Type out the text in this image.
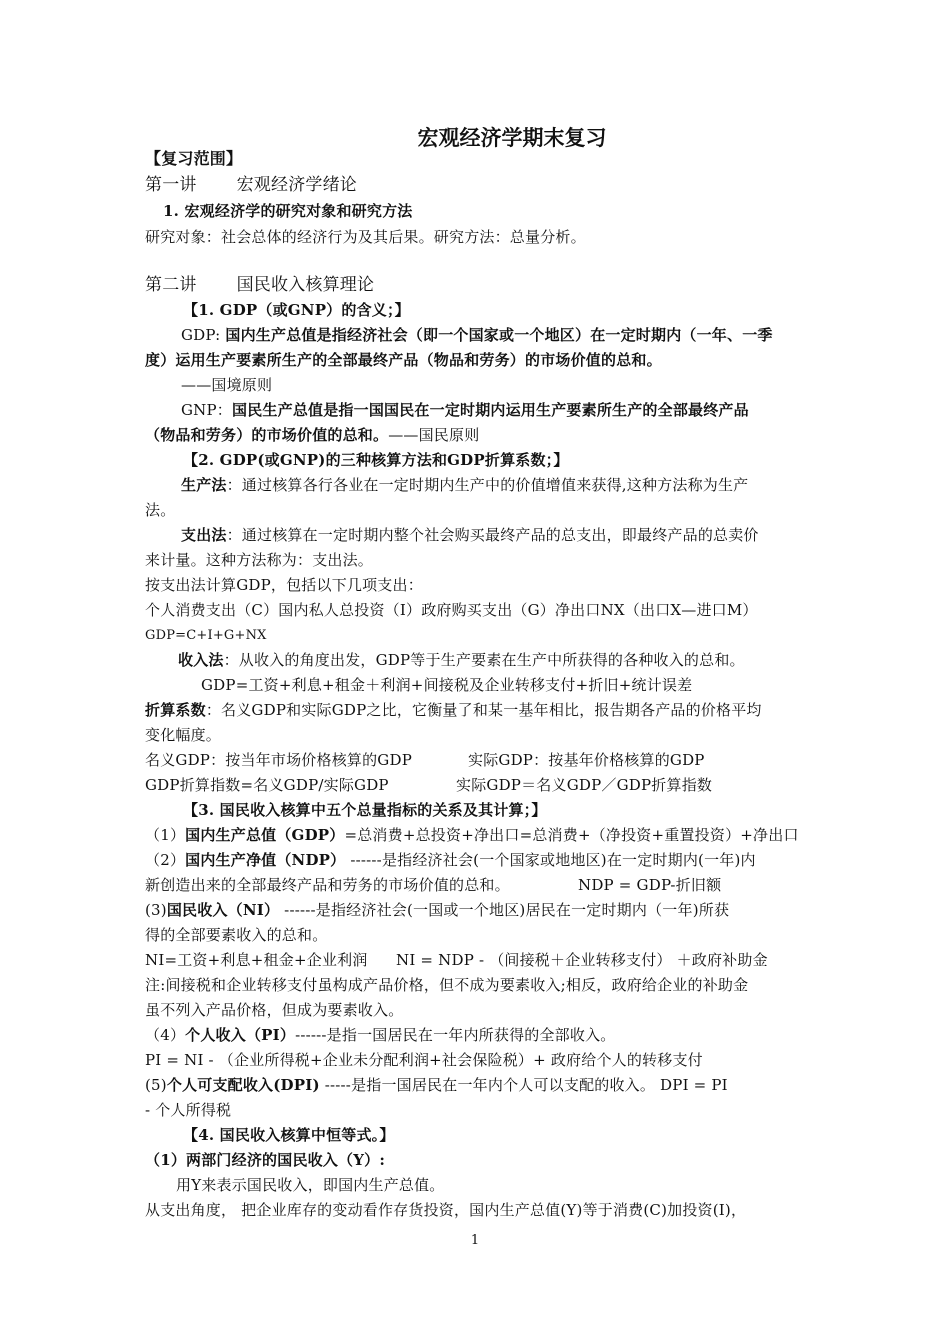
宏观经济学期末复习
【复习范围】
第一讲 宏观经济学绪论
1. 宏观经济学的研究对象和研究方法
研究对象：社会总体的经济行为及其后果。研究方法：总量分析。
第二讲 国民收入核算理论
【1. GDP（或GNP）的含义；】
GDP: 国内生产总值是指经济社会（即一个国家或一个地区）在一定时期内（一年、一季
度）运用生产要素所生产的全部最终产品（物品和劳务）的市场价值的总和。
——国境原则
GNP：国民生产总值是指一国国民在一定时期内运用生产要素所生产的全部最终产品
（物品和劳务）的市场价值的总和。——国民原则
【2. GDP(或GNP)的三种核算方法和GDP折算系数；】
生产法：通过核算各行各业在一定时期内生产中的价值增值来获得,这种方法称为生产
法。
支出法：通过核算在一定时期内整个社会购买最终产品的总支出，即最终产品的总卖价
来计量。这种方法称为：支出法。
按支出法计算GDP，包括以下几项支出：
个人消费支出（C）国内私人总投资（I）政府购买支出（G）净出口NX（出口X—进口M）
GDP=C+I+G+NX
收入法：从收入的角度出发，GDP等于生产要素在生产中所获得的各种收入的总和。
GDP=工资+利息+租金＋利润+间接税及企业转移支付+折旧+统计误差
折算系数：名义GDP和实际GDP之比，它衡量了和某一基年相比，报告期各产品的价格平均
变化幅度。
名义GDP：按当年市场价格核算的GDP	实际GDP：按基年价格核算的GDP
GDP折算指数=名义GDP/实际GDP	实际GDP＝名义GDP／GDP折算指数
【3. 国民收入核算中五个总量指标的关系及其计算；】
（1）国内生产总值（GDP）=总消费+总投资+净出口=总消费+（净投资+重置投资）+净出口
（2）国内生产净值（NDP） ------是指经济社会(一个国家或地地区)在一定时期内(一年)内
新创造出来的全部最终产品和劳务的市场价值的总和。	NDP = GDP-折旧额
(3)国民收入（NI） ------是指经济社会(一国或一个地区)居民在一定时期内（一年)所获
得的全部要素收入的总和。
NI=工资+利息+租金+企业利润 NI = NDP - （间接税＋企业转移支付） ＋政府补助金
注:间接税和企业转移支付虽构成产品价格，但不成为要素收入;相反，政府给企业的补助金
虽不列入产品价格，但成为要素收入。
（4）个人收入（PI）------是指一国居民在一年内所获得的全部收入。
PI = NI - （企业所得税+企业未分配利润+社会保险税）+ 政府给个人的转移支付
(5)个人可支配收入(DPI) -----是指一国居民在一年内个人可以支配的收入。 DPI = PI
- 个人所得税
【4. 国民收入核算中恒等式。】
（1）两部门经济的国民收入（Y）:
用Y来表示国民收入，即国内生产总值。
从支出角度， 把企业库存的变动看作存货投资，国内生产总值(Y)等于消费(C)加投资(I)，
1
